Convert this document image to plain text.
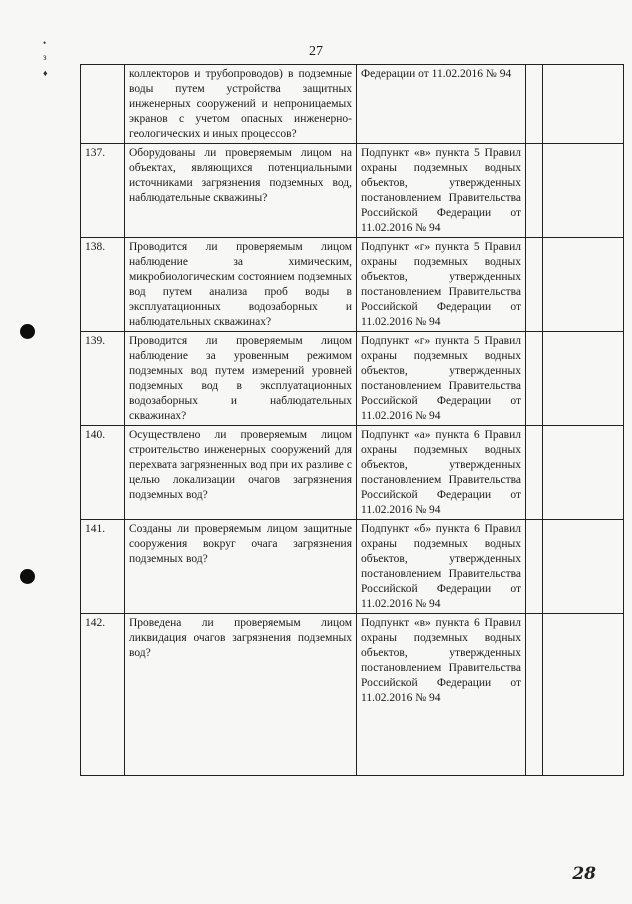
27
•
з
♦
		коллекторов и трубопроводов) в подземные воды путем устройства защитных инженерных сооружений и непроницаемых экранов с учетом опасных инженерно-геологических и иных процессов?	Федерации от 11.02.2016 № 94		
137.	Оборудованы ли проверяемым лицом на объектах, являющихся потенциальными источниками загрязнения подземных вод, наблюдательные скважины?	Подпункт «в» пункта 5 Правил охраны подземных водных объектов, утвержденных постановлением Правительства Российской Федерации от 11.02.2016 № 94		
138.	Проводится ли проверяемым лицом наблюдение за химическим, микробиологическим состоянием подземных вод путем анализа проб воды в эксплуатационных водозаборных и наблюдательных скважинах?	Подпункт «г» пункта 5 Правил охраны подземных водных объектов, утвержденных постановлением Правительства Российской Федерации от 11.02.2016 № 94		
139.	Проводится ли проверяемым лицом наблюдение за уровенным режимом подземных вод путем измерений уровней подземных вод в эксплуатационных водозаборных и наблюдательных скважинах?	Подпункт «г» пункта 5 Правил охраны подземных водных объектов, утвержденных постановлением Правительства Российской Федерации от 11.02.2016 № 94		
140.	Осуществлено ли проверяемым лицом строительство инженерных сооружений для перехвата загрязненных вод при их разливе с целью локализации очагов загрязнения подземных вод?	Подпункт «а» пункта 6 Правил охраны подземных водных объектов, утвержденных постановлением Правительства Российской Федерации от 11.02.2016 № 94		
141.	Созданы ли проверяемым лицом защитные сооружения вокруг очага загрязнения подземных вод?	Подпункт «б» пункта 6 Правил охраны подземных водных объектов, утвержденных постановлением Правительства Российской Федерации от 11.02.2016 № 94		
142.	Проведена ли проверяемым лицом ликвидация очагов загрязнения подземных вод?	Подпункт «в» пункта 6 Правил охраны подземных водных объектов, утвержденных постановлением Правительства Российской Федерации от 11.02.2016 № 94		
28
